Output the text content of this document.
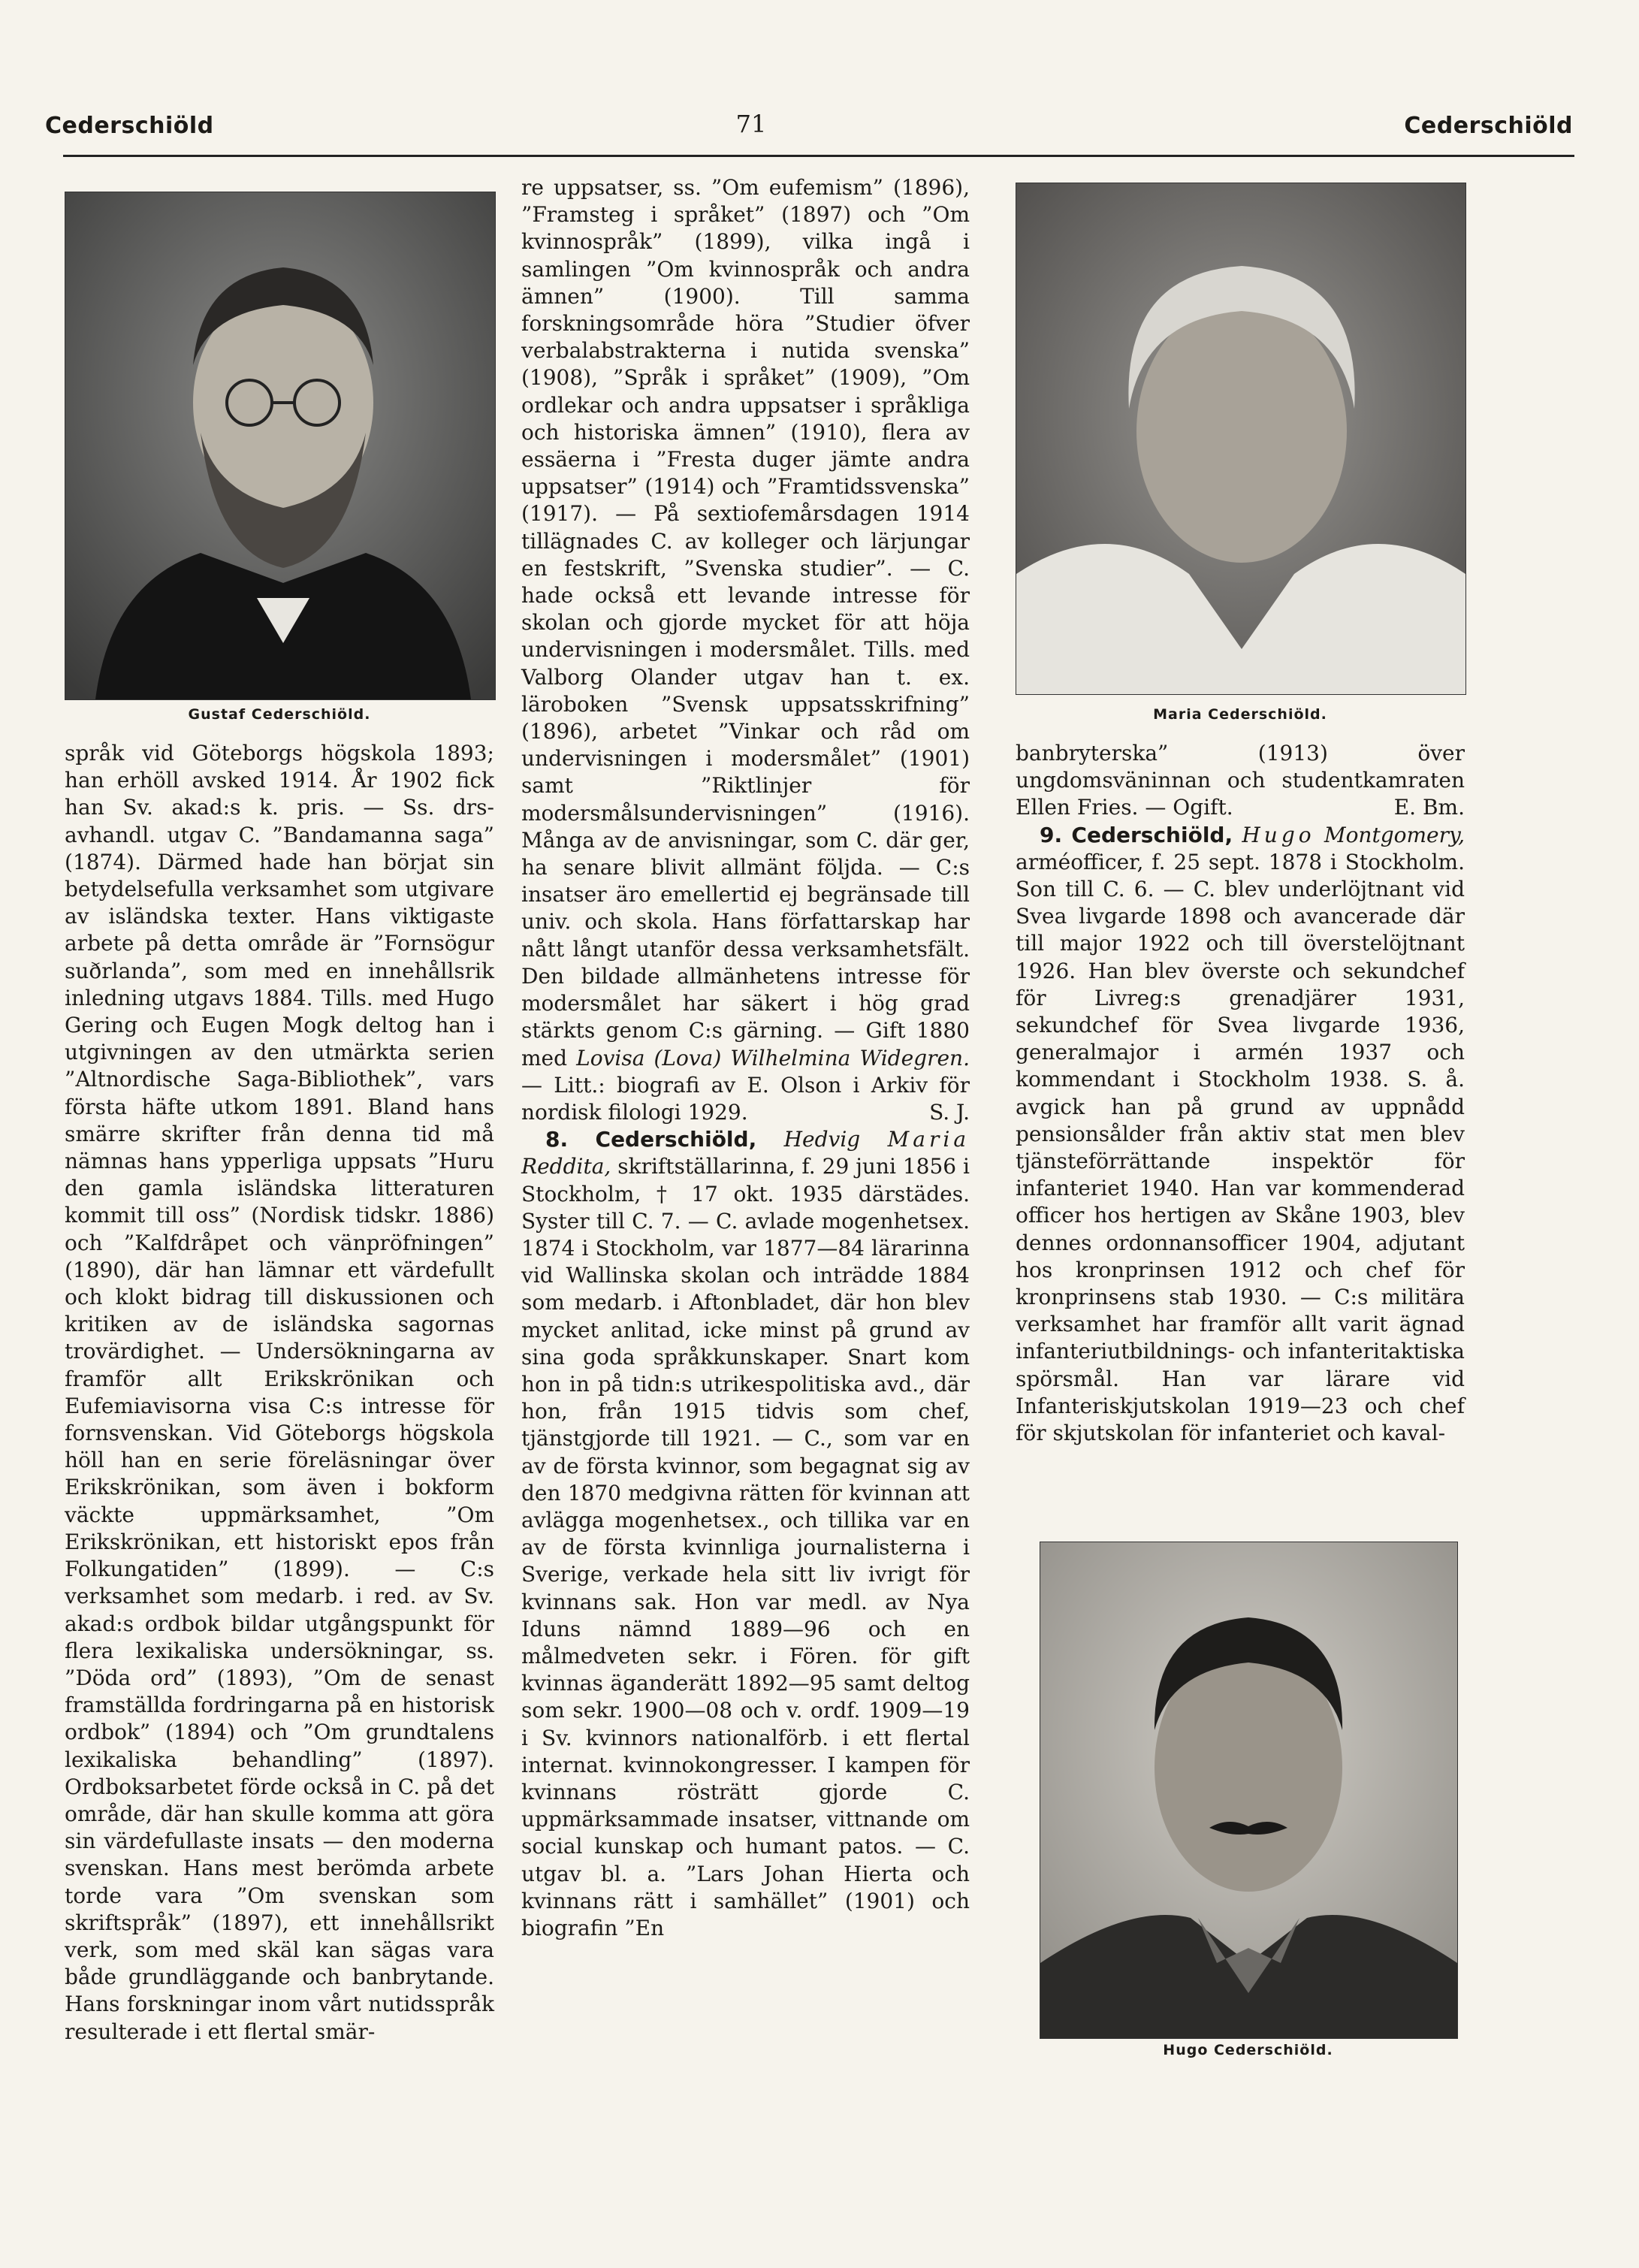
Cederschiöld	71	Cederschiöld
Gustaf Cederschiöld.	Maria Cederschiöld.
Hugo Cederschiöld.

språk vid Göteborgs högskola 1893; han erhöll avsked 1914. År 1902 fick han Sv. akad:s k. pris. — Ss. drs-avhandl. utgav C. ”Bandamanna saga” (1874). Därmed hade han börjat sin betydelsefulla verksamhet som utgivare av isländska texter. Hans viktigaste arbete på detta område är ”Fornsögur suðrlanda”, som med en innehållsrik inledning utgavs 1884. Tills. med Hugo Gering och Eugen Mogk deltog han i utgivningen av den utmärkta serien ”Altnordische Saga-Bibliothek”, vars första häfte utkom 1891. Bland hans smärre skrifter från denna tid må nämnas hans ypperliga uppsats ”Huru den gamla isländska litteraturen kommit till oss” (Nordisk tidskr. 1886) och ”Kalfdråpet och vänpröfningen” (1890), där han lämnar ett värdefullt och klokt bidrag till diskussionen och kritiken av de isländska sagornas trovärdighet. — Undersökningarna av framför allt Erikskrönikan och Eufemiavisorna visa C:s intresse för fornsvenskan. Vid Göteborgs högskola höll han en serie föreläsningar över Erikskrönikan, som även i bokform väckte uppmärksamhet, ”Om Erikskrönikan, ett historiskt epos från Folkungatiden” (1899). — C:s verksamhet som medarb. i red. av Sv. akad:s ordbok bildar utgångspunkt för flera lexikaliska undersökningar, ss. ”Döda ord” (1893), ”Om de senast framställda fordringarna på en historisk ordbok” (1894) och ”Om grundtalens lexikaliska behandling” (1897). Ordboksarbetet förde också in C. på det område, där han skulle komma att göra sin värdefullaste insats — den moderna svenskan. Hans mest berömda arbete torde vara ”Om svenskan som skriftspråk” (1897), ett innehållsrikt verk, som med skäl kan sägas vara både grundläggande och banbrytande. Hans forskningar inom vårt nutidsspråk resulterade i ett flertal smär-

re uppsatser, ss. ”Om eufemism” (1896), ”Framsteg i språket” (1897) och ”Om kvinnospråk” (1899), vilka ingå i samlingen ”Om kvinnospråk och andra ämnen” (1900). Till samma forskningsområde höra ”Studier öfver verbalabstrakterna i nutida svenska” (1908), ”Språk i språket” (1909), ”Om ordlekar och andra uppsatser i språkliga och historiska ämnen” (1910), flera av essäerna i ”Fresta duger jämte andra uppsatser” (1914) och ”Framtidssvenska” (1917). — På sextiofemårsdagen 1914 tillägnades C. av kolleger och lärjungar en festskrift, ”Svenska studier”. — C. hade också ett levande intresse för skolan och gjorde mycket för att höja undervisningen i modersmålet. Tills. med Valborg Olander utgav han t. ex. läroboken ”Svensk uppsatsskrifning” (1896), arbetet ”Vinkar och råd om undervisningen i modersmålet” (1901) samt ”Riktlinjer för modersmålsundervisningen” (1916). Många av de anvisningar, som C. där ger, ha senare blivit allmänt följda. — C:s insatser äro emellertid ej begränsade till univ. och skola. Hans författarskap har nått långt utanför dessa verksamhetsfält. Den bildade allmänhetens intresse för modersmålet har säkert i hög grad stärkts genom C:s gärning. — Gift 1880 med Lovisa (Lova) Wilhelmina Widegren. — Litt.: biografi av E. Olson i Arkiv för nordisk filologi 1929.	S. J.

8. Cederschiöld, Hedvig Maria Reddita, skriftställarinna, f. 29 juni 1856 i Stockholm, † 17 okt. 1935 därstädes. Syster till C. 7. — C. avlade mogenhetsex. 1874 i Stockholm, var 1877—84 lärarinna vid Wallinska skolan och inträdde 1884 som medarb. i Aftonbladet, där hon blev mycket anlitad, icke minst på grund av sina goda språkkunskaper. Snart kom hon in på tidn:s utrikespolitiska avd., där hon, från 1915 tidvis som chef, tjänstgjorde till 1921. — C., som var en av de första kvinnor, som begagnat sig av den 1870 medgivna rätten för kvinnan att avlägga mogenhetsex., och tillika var en av de första kvinnliga journalisterna i Sverige, verkade hela sitt liv ivrigt för kvinnans sak. Hon var medl. av Nya Iduns nämnd 1889—96 och en målmedveten sekr. i Fören. för gift kvinnas äganderätt 1892—95 samt deltog som sekr. 1900—08 och v. ordf. 1909—19 i Sv. kvinnors nationalförb. i ett flertal internat. kvinnokongresser. I kampen för kvinnans rösträtt gjorde C. uppmärksammade insatser, vittnande om social kunskap och humant patos. — C. utgav bl. a. ”Lars Johan Hierta och kvinnans rätt i samhället” (1901) och biografin ”En

banbryterska” (1913) över ungdomsväninnan och studentkamraten Ellen Fries. — Ogift.	E. Bm.

9. Cederschiöld, Hugo Montgomery, arméofficer, f. 25 sept. 1878 i Stockholm. Son till C. 6. — C. blev underlöjtnant vid Svea livgarde 1898 och avancerade där till major 1922 och till överstelöjtnant 1926. Han blev överste och sekundchef för Livreg:s grenadjärer 1931, sekundchef för Svea livgarde 1936, generalmajor i armén 1937 och kommendant i Stockholm 1938. S. å. avgick han på grund av uppnådd pensionsålder från aktiv stat men blev tjänsteförrättande inspektör för infanteriet 1940. Han var kommenderad officer hos hertigen av Skåne 1903, blev dennes ordonnansofficer 1904, adjutant hos kronprinsen 1912 och chef för kronprinsens stab 1930. — C:s militära verksamhet har framför allt varit ägnad infanteriutbildnings- och infanteritaktiska spörsmål. Han var lärare vid Infanteriskjutskolan 1919—23 och chef för skjutskolan för infanteriet och kaval-
